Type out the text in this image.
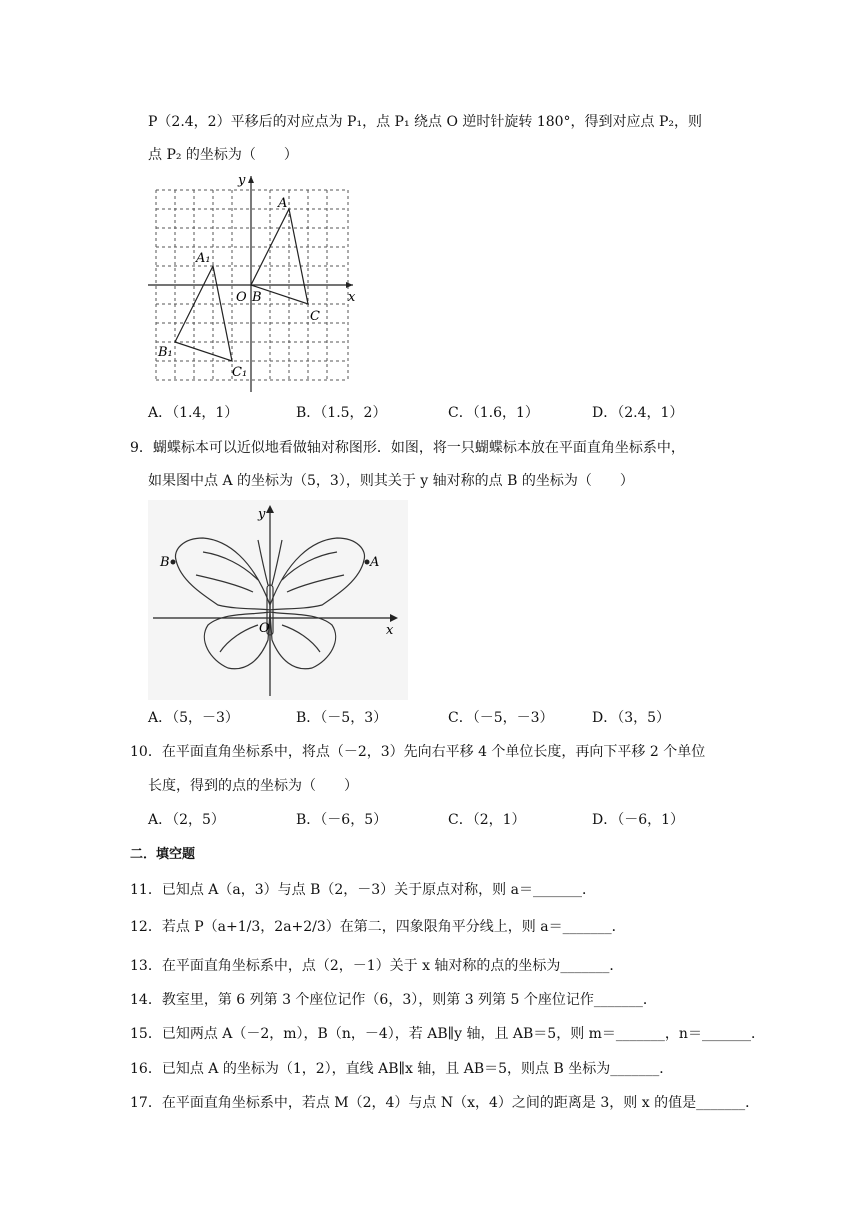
P（2.4，2）平移后的对应点为 P₁，点 P₁ 绕点 O 逆时针旋转 180°，得到对应点 P₂，则
点 P₂ 的坐标为（　　）
x
y
A
A₁
O B
C
B₁
C₁
A．（1.4，1）	B．（1.5，2）	C．（1.6，1）	D．（2.4，1）
9．蝴蝶标本可以近似地看做轴对称图形．如图，将一只蝴蝶标本放在平面直角坐标系中，
如果图中点 A 的坐标为（5，3），则其关于 y 轴对称的点 B 的坐标为（　　）
x
y
A
B
O
A．（5，－3）	B．（－5，3）	C．（－5，－3）	D．（3，5）
10．在平面直角坐标系中，将点（－2，3）先向右平移 4 个单位长度，再向下平移 2 个单位
长度，得到的点的坐标为（　　）
A．（2，5）	B．（－6，5）	C．（2，1）	D．（－6，1）
二．填空题
11．已知点 A（a，3）与点 B（2，－3）关于原点对称，则 a＝_______．
12．若点 P（a+1/3，2a+2/3）在第二，四象限角平分线上，则 a＝_______．
13．在平面直角坐标系中，点（2，－1）关于 x 轴对称的点的坐标为_______．
14．教室里，第 6 列第 3 个座位记作（6，3），则第 3 列第 5 个座位记作_______．
15．已知两点 A（－2，m），B（n，－4），若 AB∥y 轴，且 AB＝5，则 m＝_______，n＝_______．
16．已知点 A 的坐标为（1，2），直线 AB∥x 轴，且 AB＝5，则点 B 坐标为_______．
17．在平面直角坐标系中，若点 M（2，4）与点 N（x，4）之间的距离是 3，则 x 的值是_______．
